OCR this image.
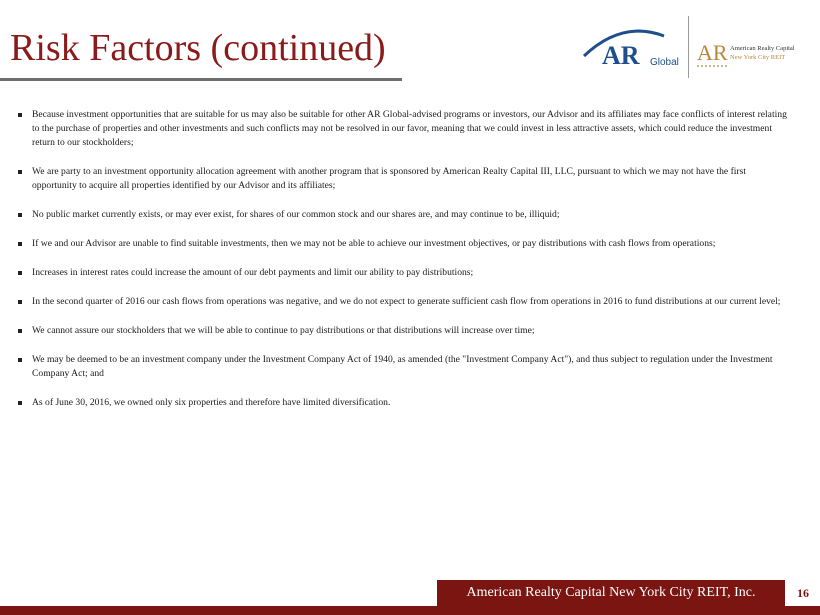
Risk Factors (continued)	AR Global AR American Realty Capital
New York City REIT
Because investment opportunities that are suitable for us may also be suitable for other AR Global-advised programs or investors, our Advisor and its affiliates may face conflicts of interest relating to the purchase of properties and other investments and such conflicts may not be resolved in our favor, meaning that we could invest in less attractive assets, which could reduce the investment return to our stockholders;
We are party to an investment opportunity allocation agreement with another program that is sponsored by American Realty Capital III, LLC, pursuant to which we may not have the first opportunity to acquire all properties identified by our Advisor and its affiliates;
No public market currently exists, or may ever exist, for shares of our common stock and our shares are, and may continue to be, illiquid;
If we and our Advisor are unable to find suitable investments, then we may not be able to achieve our investment objectives, or pay distributions with cash flows from operations;
Increases in interest rates could increase the amount of our debt payments and limit our ability to pay distributions;
In the second quarter of 2016 our cash flows from operations was negative, and we do not expect to generate sufficient cash flow from operations in 2016 to fund distributions at our current level;
We cannot assure our stockholders that we will be able to continue to pay distributions or that distributions will increase over time;
We may be deemed to be an investment company under the Investment Company Act of 1940, as amended (the "Investment Company Act"), and thus subject to regulation under the Investment Company Act; and
As of June 30, 2016, we owned only six properties and therefore have limited diversification.
American Realty Capital New York City REIT, Inc.	16
